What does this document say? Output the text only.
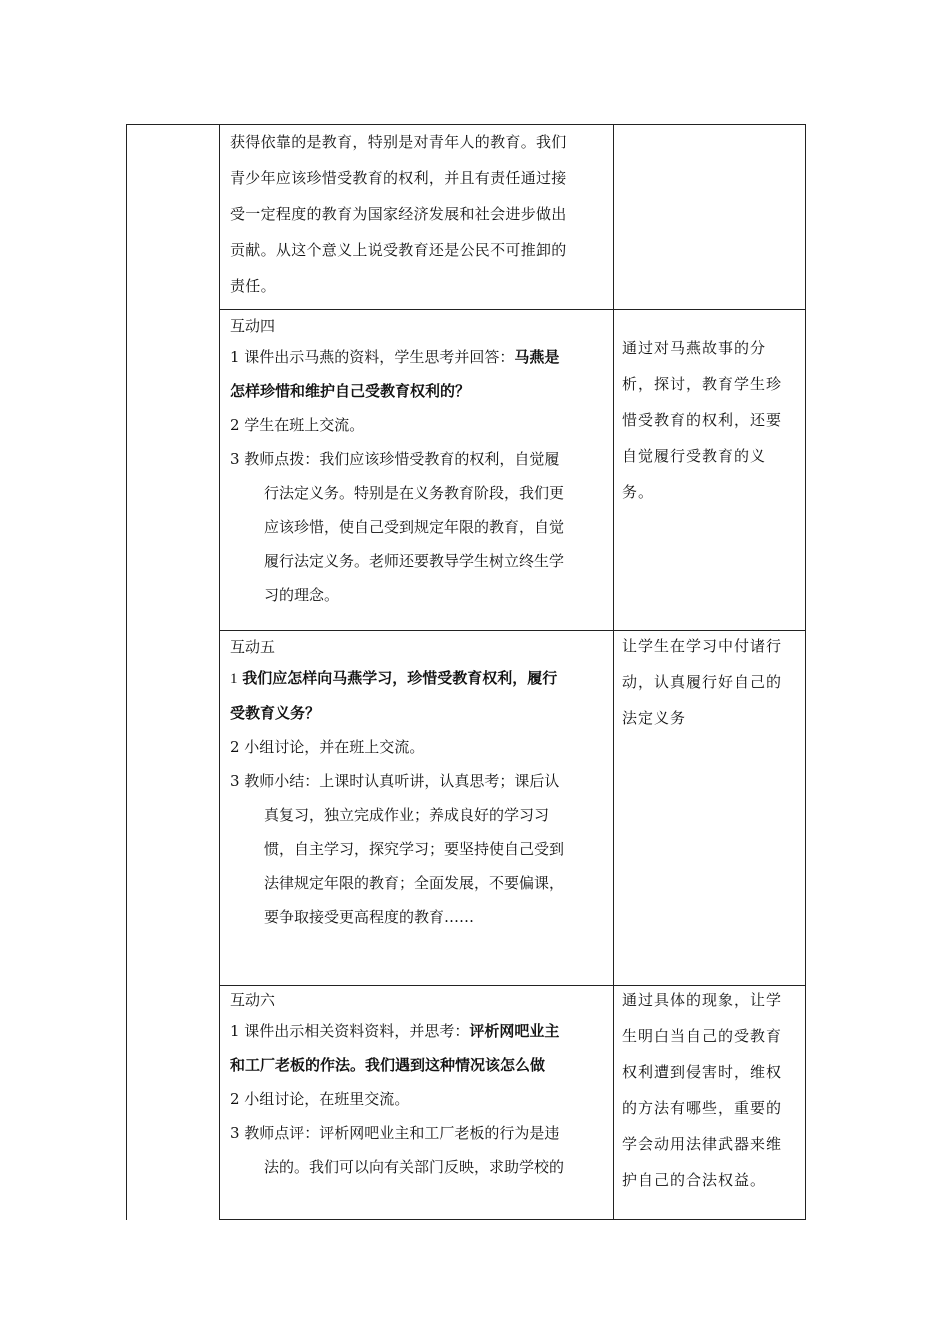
获得依靠的是教育，特别是对青年人的教育。我们

青少年应该珍惜受教育的权利，并且有责任通过接

受一定程度的教育为国家经济发展和社会进步做出

贡献。从这个意义上说受教育还是公民不可推卸的

责任。

互动四

1 课件出示马燕的资料，学生思考并回答：马燕是

怎样珍惜和维护自己受教育权利的？

2 学生在班上交流。

3 教师点拨：我们应该珍惜受教育的权利，自觉履

行法定义务。特别是在义务教育阶段，我们更

应该珍惜，使自己受到规定年限的教育，自觉

履行法定义务。老师还要教导学生树立终生学

习的理念。

通过对马燕故事的分

析，探讨，教育学生珍

惜受教育的权利，还要

自觉履行受教育的义

务。

互动五

1 我们应怎样向马燕学习，珍惜受教育权利，履行

受教育义务？

2 小组讨论，并在班上交流。

3 教师小结：上课时认真听讲，认真思考；课后认

真复习，独立完成作业；养成良好的学习习

惯，自主学习，探究学习；要坚持使自己受到

法律规定年限的教育；全面发展，不要偏课，

要争取接受更高程度的教育……

让学生在学习中付诸行

动，认真履行好自己的

法定义务

互动六

1 课件出示相关资料资料，并思考：评析网吧业主

和工厂老板的作法。我们遇到这种情况该怎么做

2 小组讨论，在班里交流。

3 教师点评：评析网吧业主和工厂老板的行为是违

法的。我们可以向有关部门反映，求助学校的

通过具体的现象，让学

生明白当自己的受教育

权利遭到侵害时，维权

的方法有哪些，重要的

学会动用法律武器来维

护自己的合法权益。
